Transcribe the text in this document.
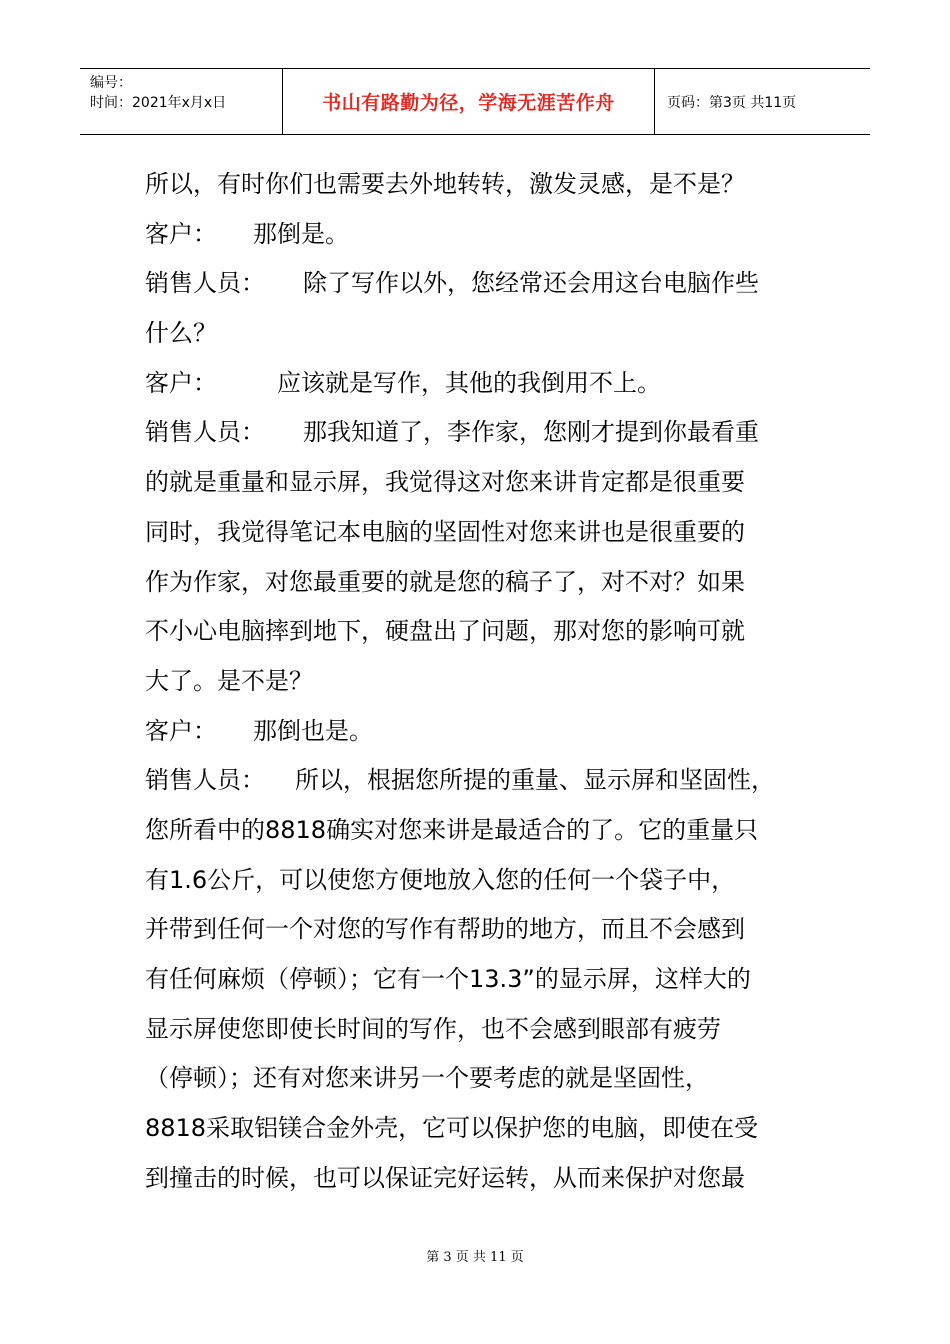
编号：
时间：2021年x月x日	书山有路勤为径，学海无涯苦作舟	页码：第3页 共11页
所以，有时你们也需要去外地转转，激发灵感，是不是？
客户： 那倒是。
销售人员： 除了写作以外，您经常还会用这台电脑作些
什么？
客户：	应该就是写作，其他的我倒用不上。
销售人员： 那我知道了，李作家，您刚才提到你最看重
的就是重量和显示屏，我觉得这对您来讲肯定都是很重要
同时，我觉得笔记本电脑的坚固性对您来讲也是很重要的
作为作家，对您最重要的就是您的稿子了，对不对？如果
不小心电脑摔到地下，硬盘出了问题，那对您的影响可就
大了。是不是？
客户： 那倒也是。
销售人员： 所以，根据您所提的重量、显示屏和坚固性，
您所看中的8818确实对您来讲是最适合的了。它的重量只
有1.6公斤，可以使您方便地放入您的任何一个袋子中，
并带到任何一个对您的写作有帮助的地方，而且不会感到
有任何麻烦（停顿）；它有一个13.3”的显示屏，这样大的
显示屏使您即使长时间的写作，也不会感到眼部有疲劳
（停顿）；还有对您来讲另一个要考虑的就是坚固性，
8818采取铝镁合金外壳，它可以保护您的电脑，即使在受
到撞击的时候，也可以保证完好运转，从而来保护对您最
第 3 页 共 11 页
